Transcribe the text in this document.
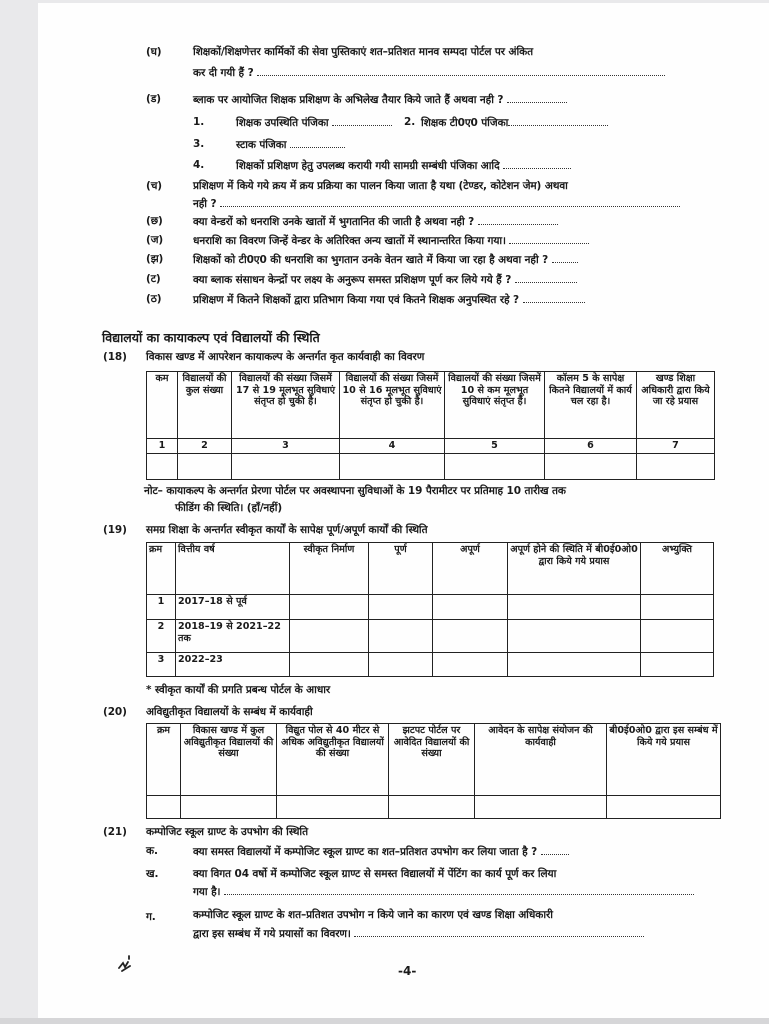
(घ)	शिक्षकों/शिक्षणेत्तर कार्मिकों की सेवा पुस्तिकाएं शत–प्रतिशत मानव सम्पदा पोर्टल पर अंकित
कर दी गयी हैं ?
(ड)	ब्लाक पर आयोजित शिक्षक प्रशिक्षण के अभिलेख तैयार किये जाते हैं अथवा नही ?
1.	शिक्षक उपस्थिति पंजिका	2. शिक्षक टी0ए0 पंजिका
3.	स्टाक पंजिका
4.	शिक्षकों प्रशिक्षण हेतु उपलब्ध करायी गयी सामग्री सम्बंधी पंजिका आदि
(च)	प्रशिक्षण में किये गये क्रय में क्रय प्रक्रिया का पालन किया जाता है यथा (टेण्डर, कोटेशन जेम) अथवा
नही ?
(छ)	क्या वेन्डरों को धनराशि उनके खातों में भुगतानित की जाती है अथवा नही ?
(ज)	धनराशि का विवरण जिन्हें वेन्डर के अतिरिक्त अन्य खातों में स्थानान्तरित किया गया।
(झ)	शिक्षकों को टी0ए0 की धनराशि का भुगतान उनके वेतन खाते में किया जा रहा है अथवा नही ?
(ट)	क्या ब्लाक संसाधन केन्द्रों पर लक्ष्य के अनुरूप समस्त प्रशिक्षण पूर्ण कर लिये गये हैं ?
(ठ)	प्रशिक्षण में कितने शिक्षकों द्वारा प्रतिभाग किया गया एवं कितने शिक्षक अनुपस्थित रहे ?
विद्यालयों का कायाकल्प एवं विद्यालयों की स्थिति
(18) विकास खण्ड में आपरेशन कायाकल्प के अन्तर्गत कृत कार्यवाही का विवरण
कम	विद्यालयों की कुल संख्या	विद्यालयों की संख्या जिसमें 17 से 19 मूलभूत सुविधाएं संतृप्त हो चुकी है।	विद्यालयों की संख्या जिसमें 10 से 16 मूलभूत सुविधाएं संतृप्त हो चुकी है।	विद्यालयों की संख्या जिसमें 10 से कम मूलभूत सुविधाएं संतृप्त हैं।	कॉलम 5 के सापेक्ष कितने विद्यालयों में कार्य चल रहा है।	खण्ड शिक्षा अधिकारी द्वारा किये जा रहे प्रयास
1	2	3	4	5	6	7

नोट– कायाकल्प के अन्तर्गत प्रेरणा पोर्टल पर अवस्थापना सुविधाओं के 19 पैरामीटर पर प्रतिमाह 10 तारीख तक
फीडिंग की स्थिति। (हॉं/नहीं)
(19) समग्र शिक्षा के अन्तर्गत स्वीकृत कार्यों के सापेक्ष पूर्ण/अपूर्ण कार्यों की स्थिति
क्रम	वित्तीय वर्ष	स्वीकृत निर्माण	पूर्ण	अपूर्ण	अपूर्ण होने की स्थिति में बी0ई0ओ0 द्वारा किये गये प्रयास	अभ्युक्ति
1	2017–18 से पूर्व					
2	2018–19 से 2021–22 तक					
3	2022–23					
* स्वीकृत कार्यों की प्रगति प्रबन्ध पोर्टल के आधार
(20) अविद्युतीकृत विद्यालयों के सम्बंध में कार्यवाही
क्रम	विकास खण्ड में कुल अविद्युतीकृत विद्यालयों की संख्या	विद्युत पोल से 40 मीटर से अधिक अविद्युतीकृत विद्यालयों की संख्या	झटपट पोर्टल पर आवेदित विद्यालयों की संख्या	आवेदन के सापेक्ष संयोजन की कार्यवाही	बी0ई0ओ0 द्वारा इस सम्बंध में किये गये प्रयास

(21) कम्पोजिट स्कूल ग्राण्ट के उपभोग की स्थिति
क.	क्या समस्त विद्यालयों में कम्पोजिट स्कूल ग्राण्ट का शत–प्रतिशत उपभोग कर लिया जाता है ?
ख.	क्या विगत 04 वर्षो में कम्पोजिट स्कूल ग्राण्ट से समस्त विद्यालयों में पेंटिंग का कार्य पूर्ण कर लिया
गया है।
ग.	कम्पोजिट स्कूल ग्राण्ट के शत–प्रतिशत उपभोग न किये जाने का कारण एवं खण्ड शिक्षा अधिकारी
द्वारा इस सम्बंध में गये प्रयासों का विवरण।
-4-
